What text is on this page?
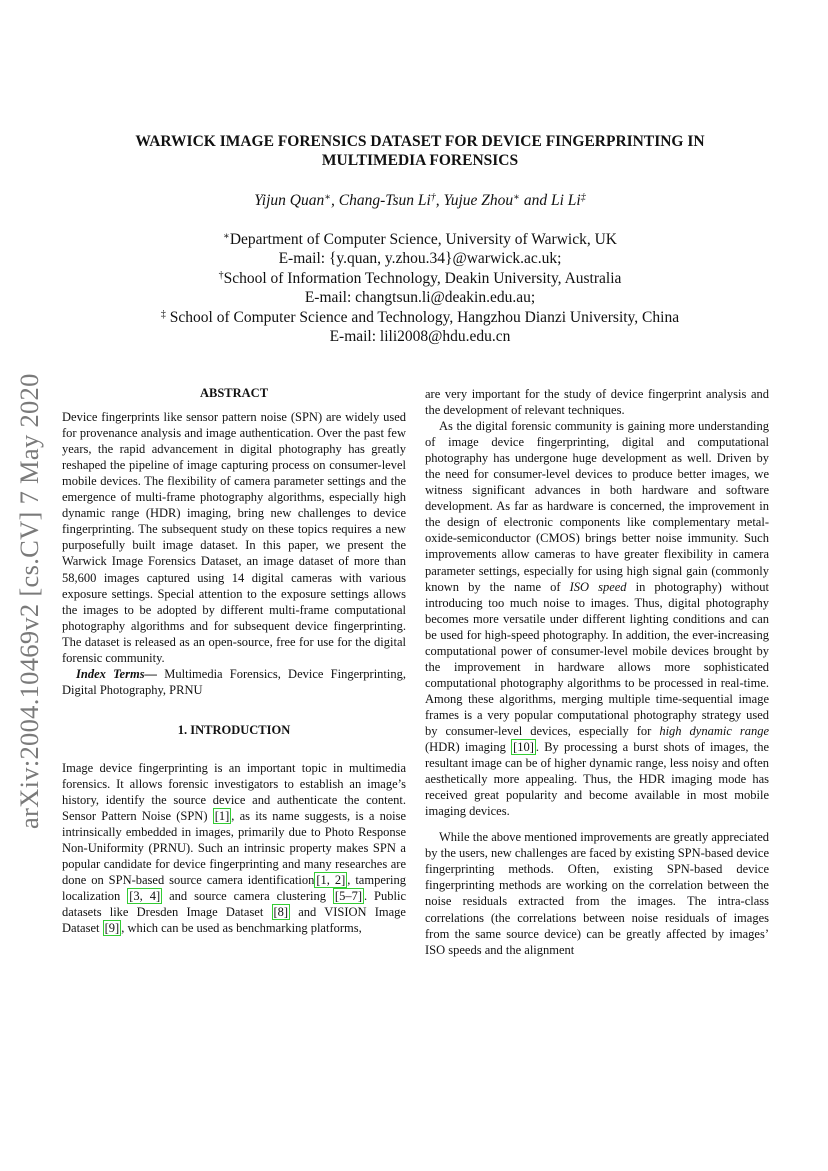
arXiv:2004.10469v2 [cs.CV] 7 May 2020
WARWICK IMAGE FORENSICS DATASET FOR DEVICE FINGERPRINTING IN
MULTIMEDIA FORENSICS
Yijun Quan∗, Chang-Tsun Li†, Yujue Zhou∗ and Li Li‡
∗Department of Computer Science, University of Warwick, UK
E-mail: {y.quan, y.zhou.34}@warwick.ac.uk;
†School of Information Technology, Deakin University, Australia
E-mail: changtsun.li@deakin.edu.au;
‡ School of Computer Science and Technology, Hangzhou Dianzi University, China
E-mail: lili2008@hdu.edu.cn
ABSTRACT

Device fingerprints like sensor pattern noise (SPN) are widely used for provenance analysis and image authentication. Over the past few years, the rapid advancement in digital photography has greatly reshaped the pipeline of image capturing process on consumer-level mobile devices. The flexibility of camera parameter settings and the emergence of multi-frame photography algorithms, especially high dynamic range (HDR) imaging, bring new challenges to device fingerprinting. The subsequent study on these topics requires a new purposefully built image dataset. In this paper, we present the Warwick Image Forensics Dataset, an image dataset of more than 58,600 images captured using 14 digital cameras with various exposure settings. Special attention to the exposure settings allows the images to be adopted by different multi-frame computational photography algorithms and for subsequent device fingerprinting. The dataset is released as an open-source, free for use for the digital forensic community.

Index Terms— Multimedia Forensics, Device Fingerprinting, Digital Photography, PRNU

1. INTRODUCTION

Image device fingerprinting is an important topic in multimedia forensics. It allows forensic investigators to establish an image’s history, identify the source device and authenticate the content. Sensor Pattern Noise (SPN) [1] , as its name suggests, is a noise intrinsically embedded in images, primarily due to Photo Response Non-Uniformity (PRNU). Such an intrinsic property makes SPN a popular candidate for device fingerprinting and many researches are done on SPN-based source camera identification [1, 2] , tampering localization [3, 4] and source camera clustering [5–7] . Public datasets like Dresden Image Dataset [8] and VISION Image Dataset [9] , which can be used as benchmarking platforms,

are very important for the study of device fingerprint analysis and the development of relevant techniques.

As the digital forensic community is gaining more understanding of image device fingerprinting, digital and computational photography has undergone huge development as well. Driven by the need for consumer-level devices to produce better images, we witness significant advances in both hardware and software development. As far as hardware is concerned, the improvement in the design of electronic components like complementary metal-oxide-semiconductor (CMOS) brings better noise immunity. Such improvements allow cameras to have greater flexibility in camera parameter settings, especially for using high signal gain (commonly known by the name of ISO speed in photography) without introducing too much noise to images. Thus, digital photography becomes more versatile under different lighting conditions and can be used for high-speed photography. In addition, the ever-increasing computational power of consumer-level mobile devices brought by the improvement in hardware allows more sophisticated computational photography algorithms to be processed in real-time. Among these algorithms, merging multiple time-sequential image frames is a very popular computational photography strategy used by consumer-level devices, especially for high dynamic range (HDR) imaging [10] . By processing a burst shots of images, the resultant image can be of higher dynamic range, less noisy and often aesthetically more appealing. Thus, the HDR imaging mode has received great popularity and become available in most mobile imaging devices.

While the above mentioned improvements are greatly appreciated by the users, new challenges are faced by existing SPN-based device fingerprinting methods. Often, existing SPN-based device fingerprinting methods are working on the correlation between the noise residuals extracted from the images. The intra-class correlations (the correlations between noise residuals of images from the same source device) can be greatly affected by images’ ISO speeds and the alignment
